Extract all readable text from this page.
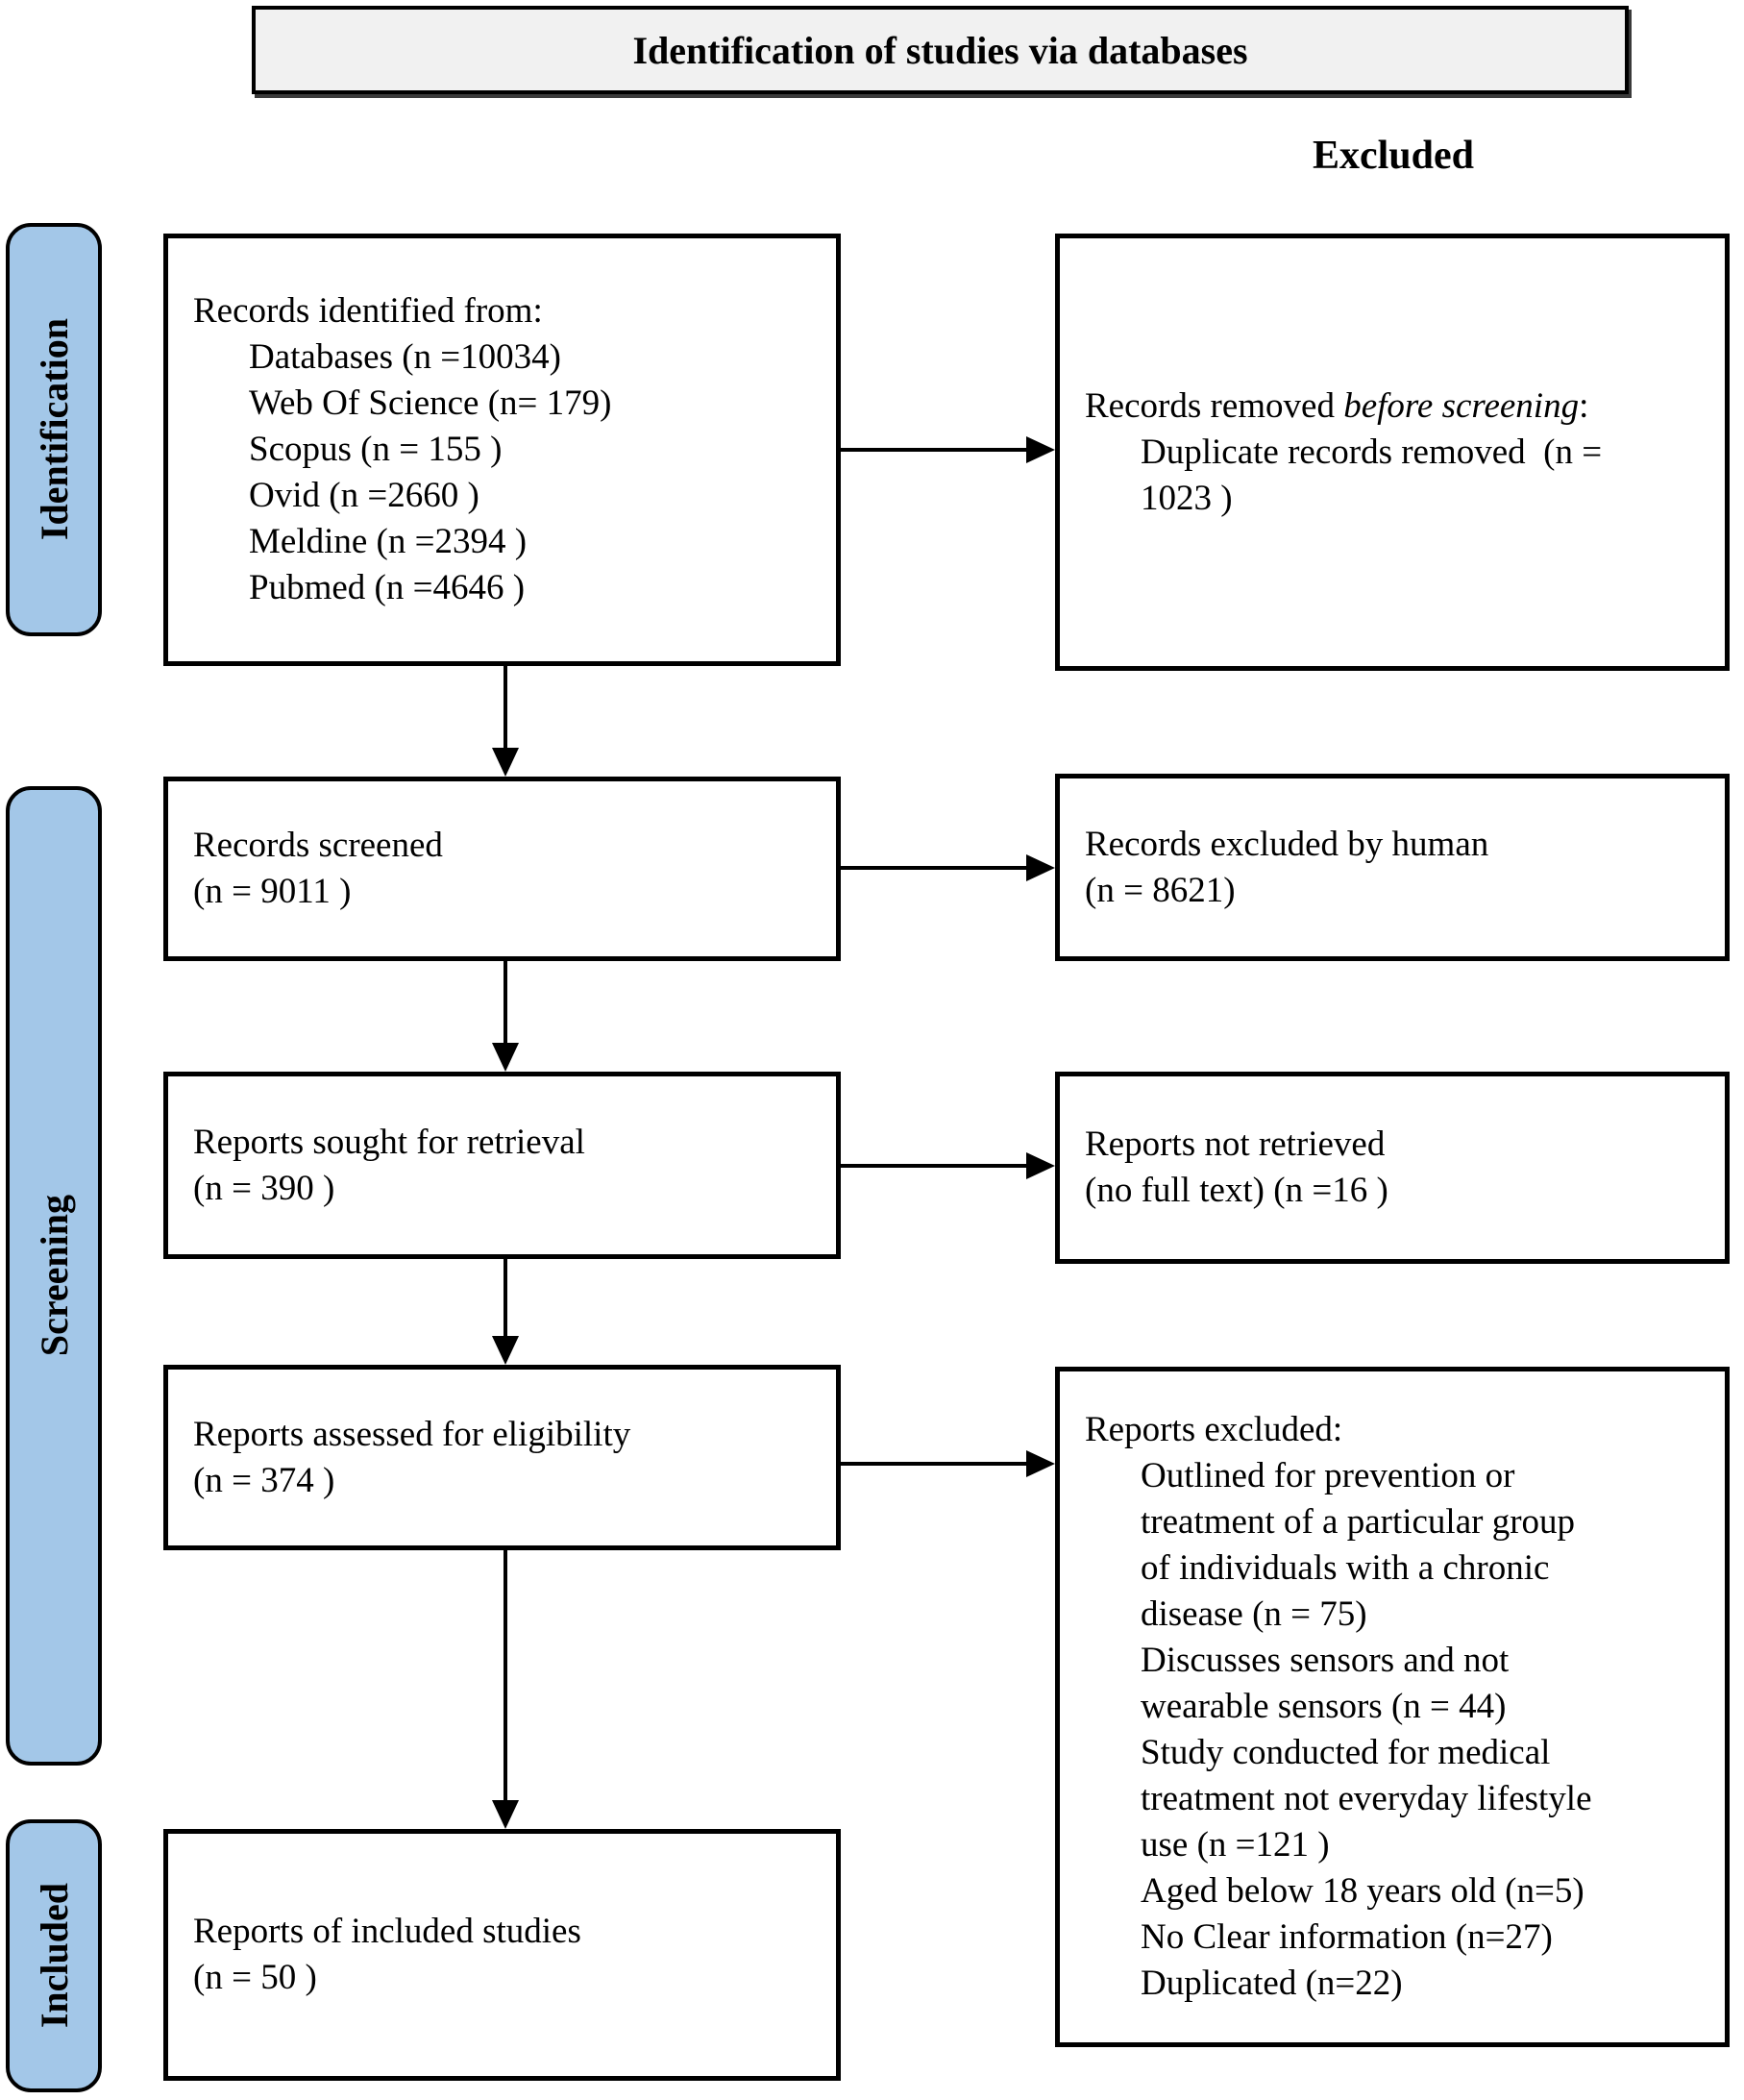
Identification of studies via databases
Excluded
Identification
Screening
Included
Records identified from:
Databases (n =10034)
Web Of Science (n= 179)
Scopus (n = 155 )
Ovid (n =2660 )
Meldine (n =2394 )
Pubmed (n =4646 )
Records screened
(n = 9011 )
Reports sought for retrieval
(n = 390 )
Reports assessed for eligibility
(n = 374 )
Reports of included studies
(n = 50 )
Records removed before screening:
Duplicate records removed  (n =
1023 )
Records excluded by human
(n = 8621)
Reports not retrieved
(no full text) (n =16 )
Reports excluded:
Outlined for prevention or
treatment of a particular group
of individuals with a chronic
disease (n = 75)
Discusses sensors and not
wearable sensors (n = 44)
Study conducted for medical
treatment not everyday lifestyle
use (n =121 )
Aged below 18 years old (n=5)
No Clear information (n=27)
Duplicated (n=22)
